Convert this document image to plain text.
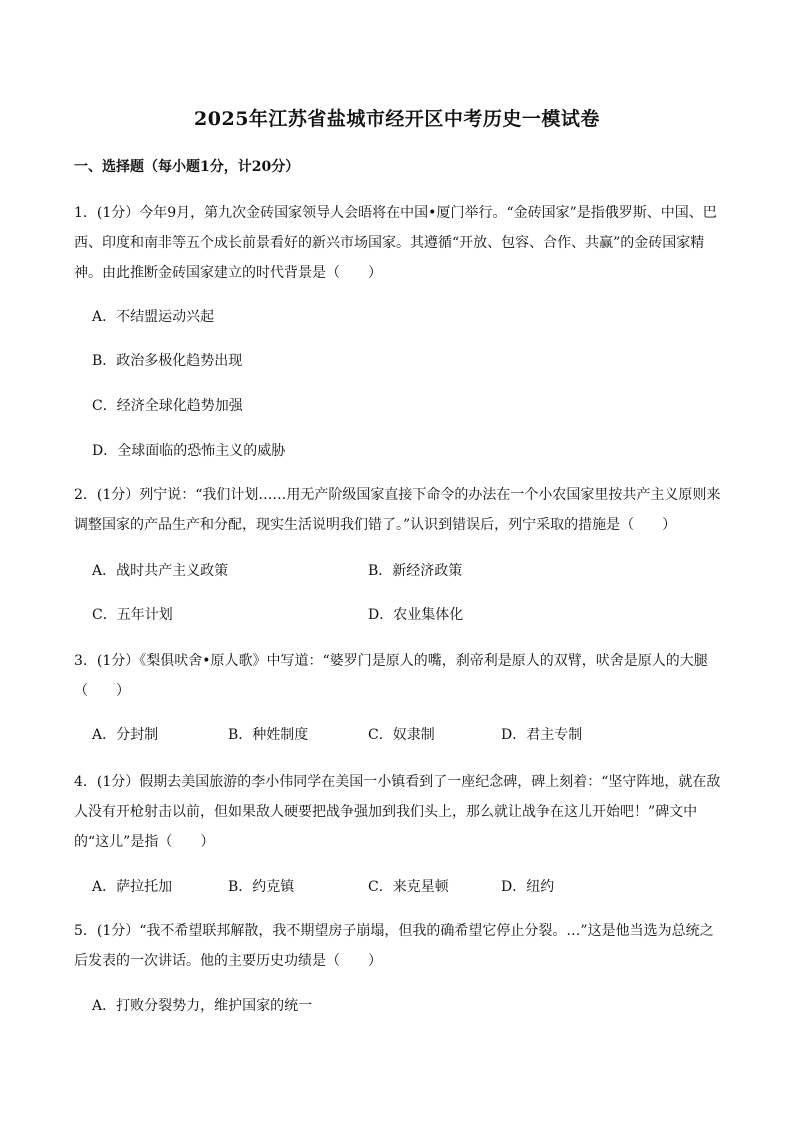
2025年江苏省盐城市经开区中考历史一模试卷
一、选择题（每小题1分，计20分）
1．(1分）今年9月，第九次金砖国家领导人会晤将在中国•厦门举行。“金砖国家”是指俄罗斯、中国、巴西、印度和南非等五个成长前景看好的新兴市场国家。其遵循“开放、包容、合作、共赢”的金砖国家精神。由此推断金砖国家建立的时代背景是（　　）
A．不结盟运动兴起
B．政治多极化趋势出现
C．经济全球化趋势加强
D．全球面临的恐怖主义的威胁
2．(1分）列宁说：“我们计划……用无产阶级国家直接下命令的办法在一个小农国家里按共产主义原则来调整国家的产品生产和分配，现实生活说明我们错了。”认识到错误后，列宁采取的措施是（　　）
A．战时共产主义政策	B．新经济政策
C．五年计划	D．农业集体化
3．(1分）《梨俱吠舍•原人歌》中写道：“婆罗门是原人的嘴，刹帝利是原人的双臂，吠舍是原人的大腿（　　）
A．分封制	B．种姓制度	C．奴隶制	D．君主专制
4．(1分）假期去美国旅游的李小伟同学在美国一小镇看到了一座纪念碑，碑上刻着：“坚守阵地，就在敌人没有开枪射击以前，但如果敌人硬要把战争强加到我们头上，那么就让战争在这儿开始吧！”碑文中的“这儿”是指（　　）
A．萨拉托加	B．约克镇	C．来克星顿	D．纽约
5．(1分）“我不希望联邦解散，我不期望房子崩塌，但我的确希望它停止分裂。…”这是他当选为总统之后发表的一次讲话。他的主要历史功绩是（　　）
A．打败分裂势力，维护国家的统一
